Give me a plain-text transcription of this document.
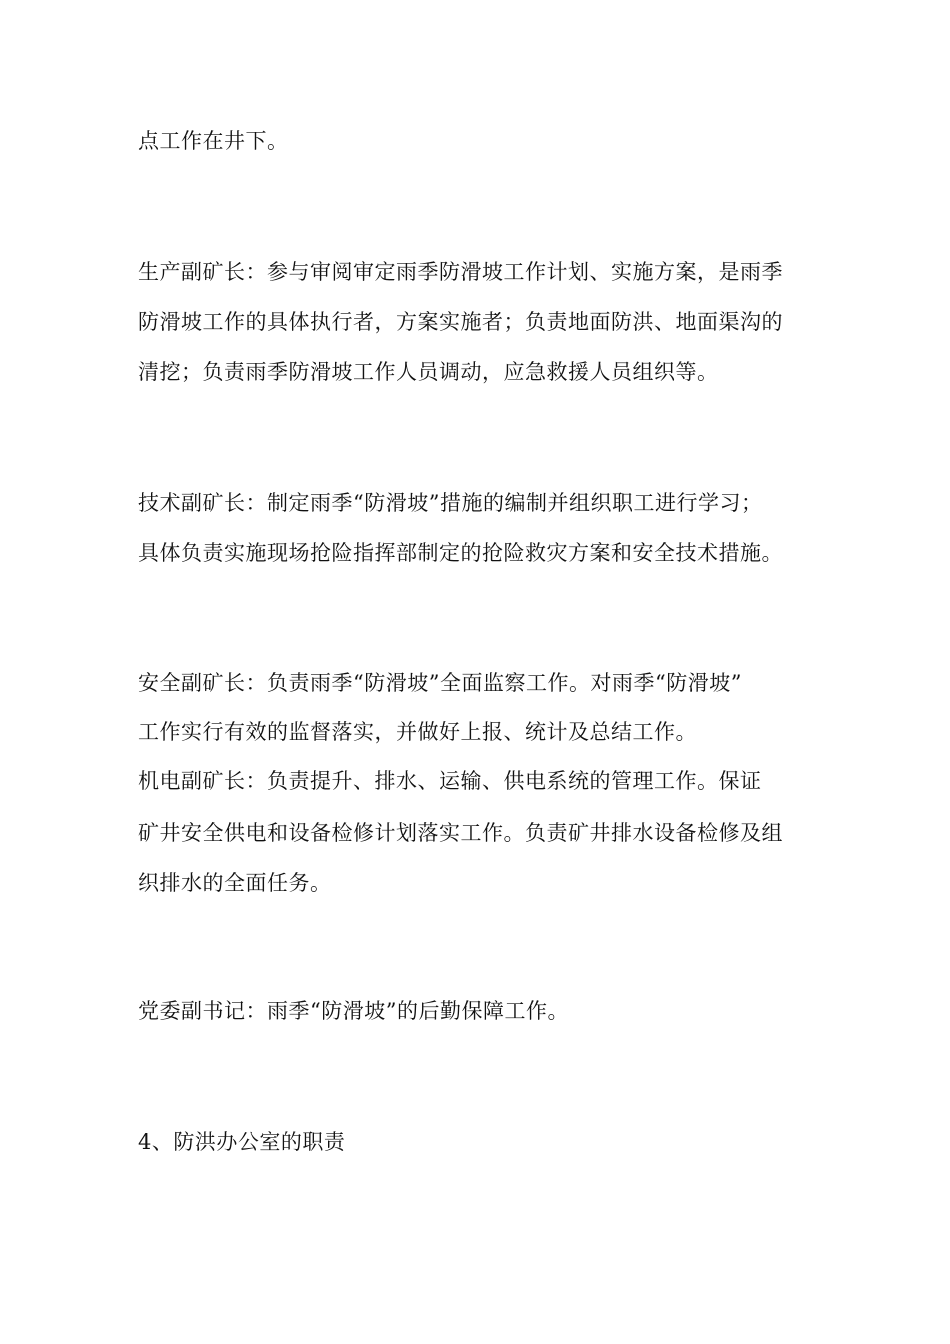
点工作在井下。
生产副矿长：参与审阅审定雨季防滑坡工作计划、实施方案，是雨季
防滑坡工作的具体执行者，方案实施者；负责地面防洪、地面渠沟的
清挖；负责雨季防滑坡工作人员调动，应急救援人员组织等。
技术副矿长：制定雨季“防滑坡”措施的编制并组织职工进行学习；
具体负责实施现场抢险指挥部制定的抢险救灾方案和安全技术措施。
安全副矿长：负责雨季“防滑坡”全面监察工作。对雨季“防滑坡”
工作实行有效的监督落实，并做好上报、统计及总结工作。
机电副矿长：负责提升、排水、运输、供电系统的管理工作。保证
矿井安全供电和设备检修计划落实工作。负责矿井排水设备检修及组
织排水的全面任务。
党委副书记：雨季“防滑坡”的后勤保障工作。
4、防洪办公室的职责
